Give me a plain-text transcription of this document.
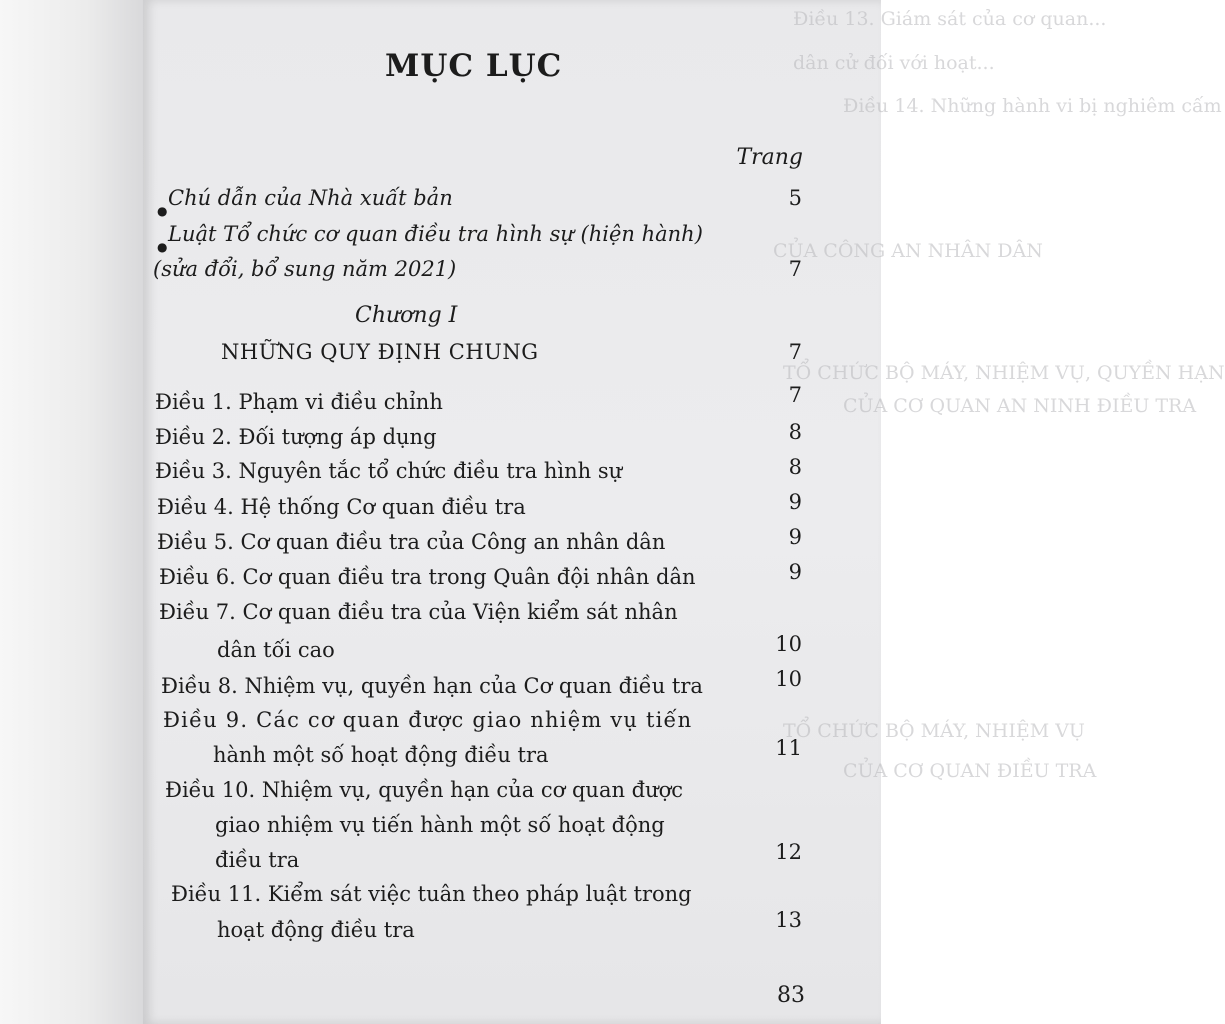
Điều 13. Giám sát của cơ quan...
dân cử đối với hoạt...
Điều 14. Những hành vi bị nghiêm cấm
CỦA CÔNG AN NHÂN DÂN
TỔ CHỨC BỘ MÁY, NHIỆM VỤ, QUYỀN HẠN
CỦA CƠ QUAN AN NINH ĐIỀU TRA
TỔ CHỨC BỘ MÁY, NHIỆM VỤ
CỦA CƠ QUAN ĐIỀU TRA
MỤC LỤC
Trang
●
Chú dẫn của Nhà xuất bản	5
●
Luật Tổ chức cơ quan điều tra hình sự (hiện hành)
(sửa đổi, bổ sung năm 2021)	7
Chương I
NHỮNG QUY ĐỊNH CHUNG	7
Điều 1. Phạm vi điều chỉnh	7
Điều 2. Đối tượng áp dụng	8
Điều 3. Nguyên tắc tổ chức điều tra hình sự	8
Điều 4. Hệ thống Cơ quan điều tra	9
Điều 5. Cơ quan điều tra của Công an nhân dân	9
Điều 6. Cơ quan điều tra trong Quân đội nhân dân	9
Điều 7. Cơ quan điều tra của Viện kiểm sát nhân
dân tối cao	10
Điều 8. Nhiệm vụ, quyền hạn của Cơ quan điều tra	10
Điều 9. Các cơ quan được giao nhiệm vụ tiến
hành một số hoạt động điều tra	11
Điều 10. Nhiệm vụ, quyền hạn của cơ quan được
giao nhiệm vụ tiến hành một số hoạt động
điều tra	12
Điều 11. Kiểm sát việc tuân theo pháp luật trong
hoạt động điều tra	13
83
